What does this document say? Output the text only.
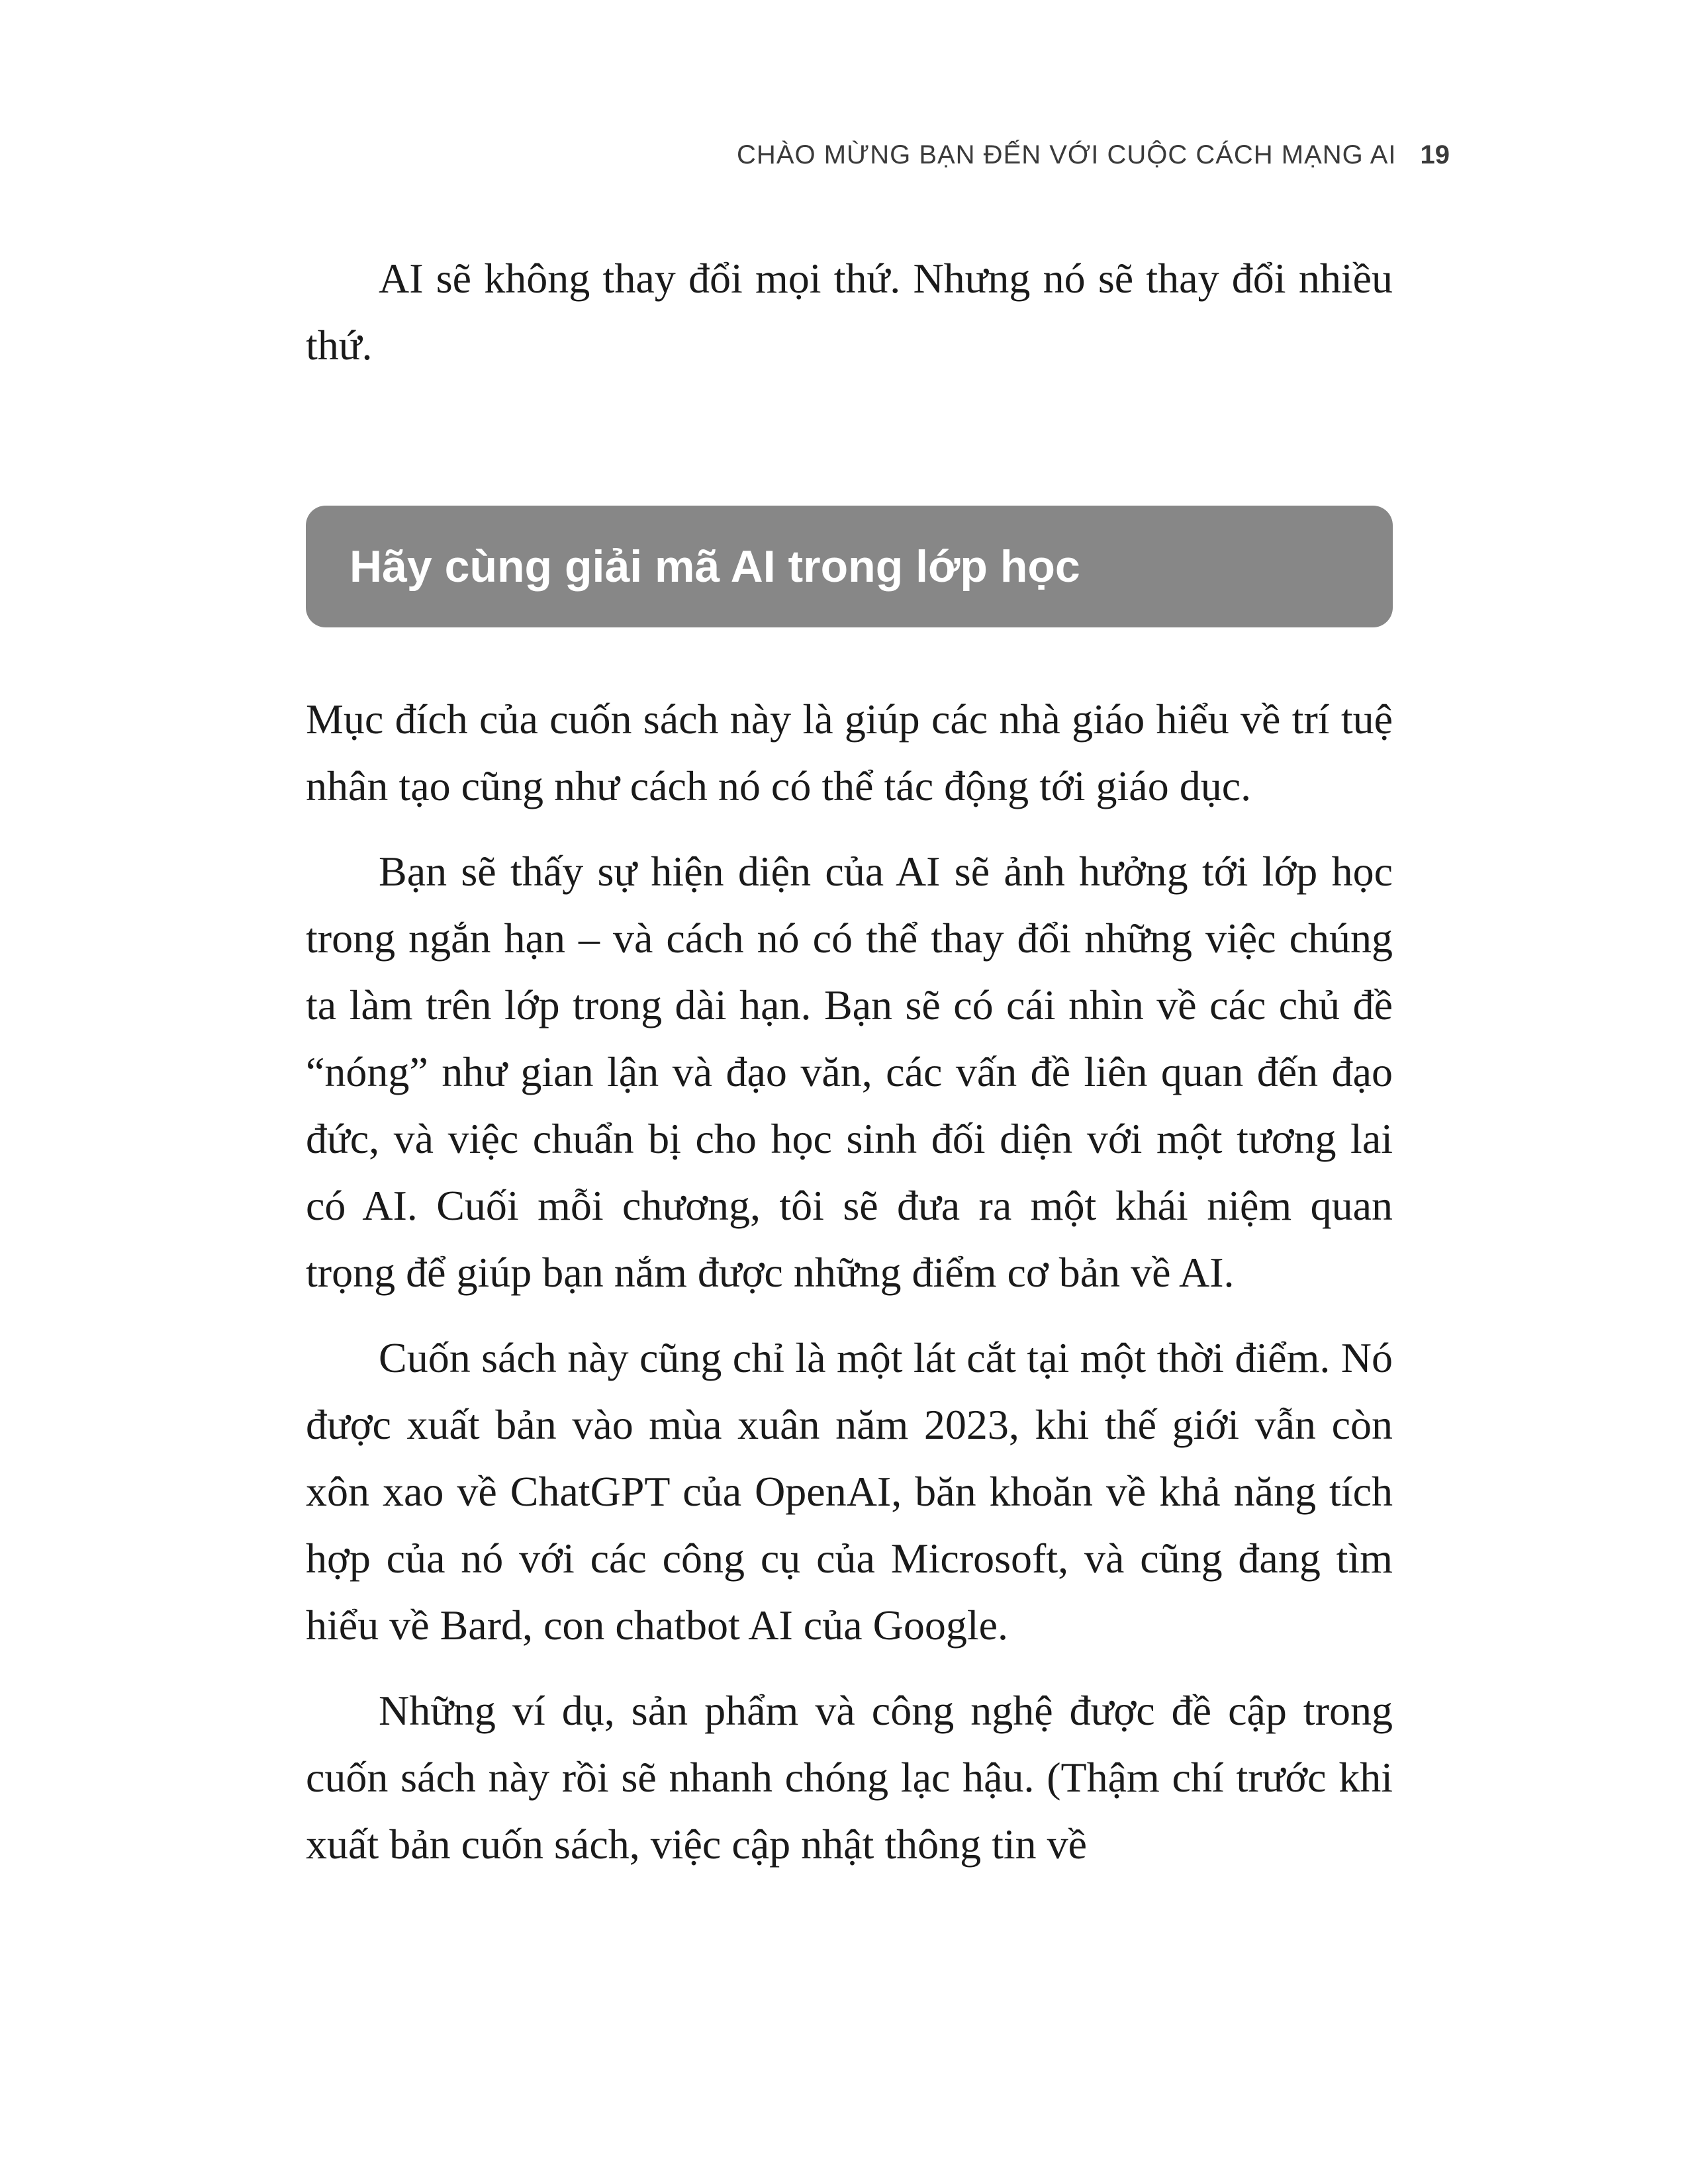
CHÀO MỪNG BẠN ĐẾN VỚI CUỘC CÁCH MẠNG AI 19

AI sẽ không thay đổi mọi thứ. Nhưng nó sẽ thay đổi nhiều thứ.

Hãy cùng giải mã AI trong lớp học

Mục đích của cuốn sách này là giúp các nhà giáo hiểu về trí tuệ nhân tạo cũng như cách nó có thể tác động tới giáo dục.

Bạn sẽ thấy sự hiện diện của AI sẽ ảnh hưởng tới lớp học trong ngắn hạn – và cách nó có thể thay đổi những việc chúng ta làm trên lớp trong dài hạn. Bạn sẽ có cái nhìn về các chủ đề “nóng” như gian lận và đạo văn, các vấn đề liên quan đến đạo đức, và việc chuẩn bị cho học sinh đối diện với một tương lai có AI. Cuối mỗi chương, tôi sẽ đưa ra một khái niệm quan trọng để giúp bạn nắm được những điểm cơ bản về AI.

Cuốn sách này cũng chỉ là một lát cắt tại một thời điểm. Nó được xuất bản vào mùa xuân năm 2023, khi thế giới vẫn còn xôn xao về ChatGPT của OpenAI, băn khoăn về khả năng tích hợp của nó với các công cụ của Microsoft, và cũng đang tìm hiểu về Bard, con chatbot AI của Google.

Những ví dụ, sản phẩm và công nghệ được đề cập trong cuốn sách này rồi sẽ nhanh chóng lạc hậu. (Thậm chí trước khi xuất bản cuốn sách, việc cập nhật thông tin về
